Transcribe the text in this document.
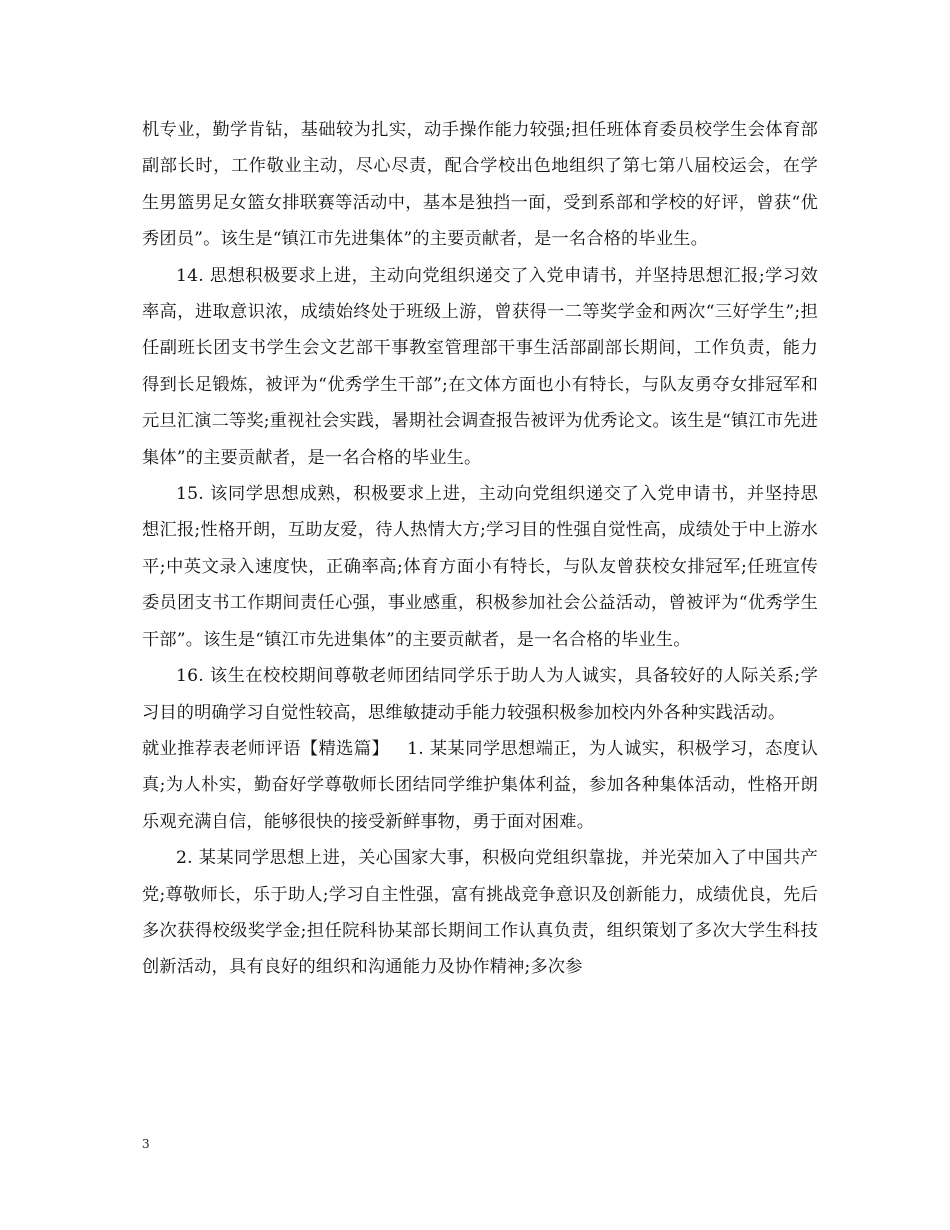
机专业，勤学肯钻，基础较为扎实，动手操作能力较强;担任班体育委员校学生会体育部副部长时，工作敬业主动，尽心尽责，配合学校出色地组织了第七第八届校运会，在学生男篮男足女篮女排联赛等活动中，基本是独挡一面，受到系部和学校的好评，曾获“优秀团员”。该生是“镇江市先进集体”的主要贡献者，是一名合格的毕业生。

14. 思想积极要求上进，主动向党组织递交了入党申请书，并坚持思想汇报;学习效率高，进取意识浓，成绩始终处于班级上游，曾获得一二等奖学金和两次“三好学生”;担任副班长团支书学生会文艺部干事教室管理部干事生活部副部长期间，工作负责，能力得到长足锻炼，被评为“优秀学生干部”;在文体方面也小有特长，与队友勇夺女排冠军和元旦汇演二等奖;重视社会实践，暑期社会调查报告被评为优秀论文。该生是“镇江市先进集体”的主要贡献者，是一名合格的毕业生。

15. 该同学思想成熟，积极要求上进，主动向党组织递交了入党申请书，并坚持思想汇报;性格开朗，互助友爱，待人热情大方;学习目的性强自觉性高，成绩处于中上游水平;中英文录入速度快，正确率高;体育方面小有特长，与队友曾获校女排冠军;任班宣传委员团支书工作期间责任心强，事业感重，积极参加社会公益活动，曾被评为“优秀学生干部”。该生是“镇江市先进集体”的主要贡献者，是一名合格的毕业生。

16. 该生在校校期间尊敬老师团结同学乐于助人为人诚实，具备较好的人际关系;学习目的明确学习自觉性较高，思维敏捷动手能力较强积极参加校内外各种实践活动。

就业推荐表老师评语【精选篇】 1. 某某同学思想端正，为人诚实，积极学习，态度认真;为人朴实，勤奋好学尊敬师长团结同学维护集体利益，参加各种集体活动，性格开朗乐观充满自信，能够很快的接受新鲜事物，勇于面对困难。

2. 某某同学思想上进，关心国家大事，积极向党组织靠拢，并光荣加入了中国共产党;尊敬师长，乐于助人;学习自主性强，富有挑战竞争意识及创新能力，成绩优良，先后多次获得校级奖学金;担任院科协某部长期间工作认真负责，组织策划了多次大学生科技创新活动，具有良好的组织和沟通能力及协作精神;多次参

3
